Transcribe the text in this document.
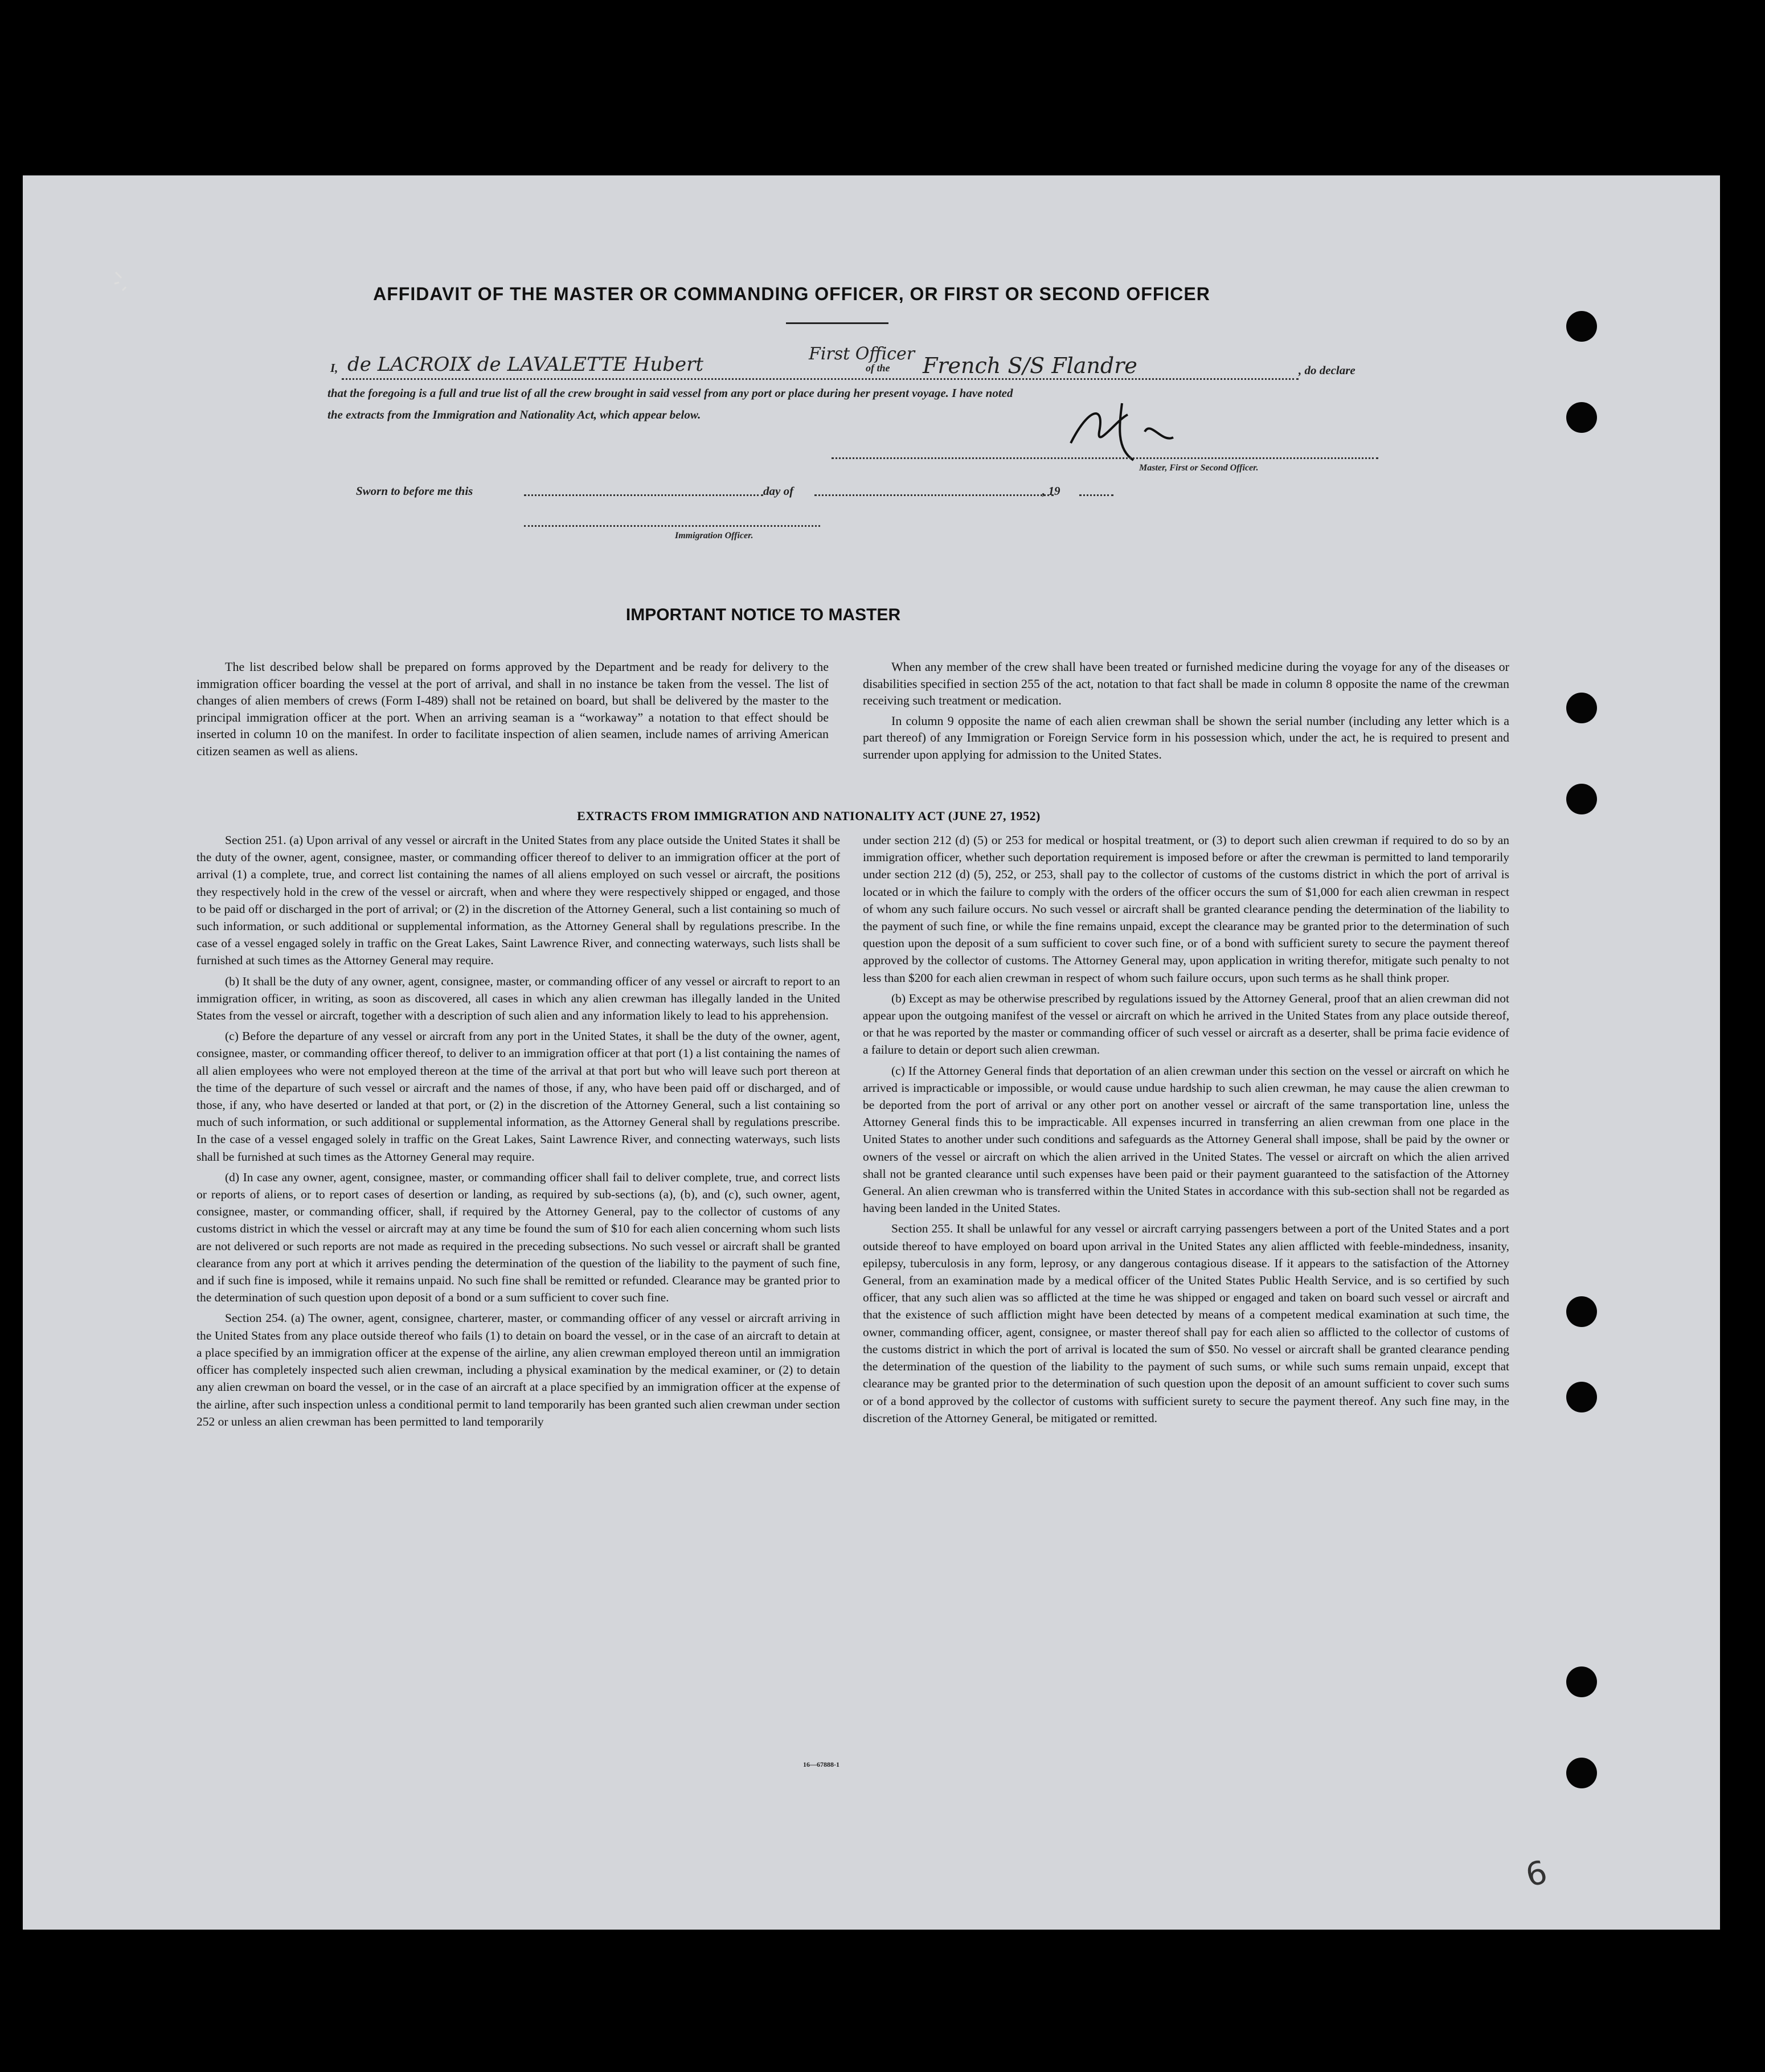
AFFIDAVIT OF THE MASTER OR COMMANDING OFFICER, OR FIRST OR SECOND OFFICER
I, de LACROIX de LAVALETTE Hubert	First Officer
of the French S/S Flandre	, do declare
that the foregoing is a full and true list of all the crew brought in said vessel from any port or place during her present voyage. I have noted
the extracts from the Immigration and Nationality Act, which appear below.
Master, First or Second Officer.
Sworn to before me this	day of	, 19
Immigration Officer.
IMPORTANT NOTICE TO MASTER

The list described below shall be prepared on forms approved by the Department and be ready for delivery to the immigration officer boarding the vessel at the port of arrival, and shall in no instance be taken from the vessel. The list of changes of alien members of crews (Form I-489) shall not be retained on board, but shall be delivered by the master to the principal immigration officer at the port. When an arriving seaman is a “workaway” a notation to that effect should be inserted in column 10 on the manifest. In order to facilitate inspection of alien seamen, include names of arriving American citizen seamen as well as aliens.

When any member of the crew shall have been treated or furnished medicine during the voyage for any of the diseases or disabilities specified in section 255 of the act, notation to that fact shall be made in column 8 opposite the name of the crewman receiving such treatment or medication.

In column 9 opposite the name of each alien crewman shall be shown the serial number (including any letter which is a part thereof) of any Immigration or Foreign Service form in his possession which, under the act, he is required to present and surrender upon applying for admission to the United States.

EXTRACTS FROM IMMIGRATION AND NATIONALITY ACT (JUNE 27, 1952)

Section 251. (a) Upon arrival of any vessel or aircraft in the United States from any place outside the United States it shall be the duty of the owner, agent, consignee, master, or commanding officer thereof to deliver to an immigration officer at the port of arrival (1) a complete, true, and correct list containing the names of all aliens employed on such vessel or aircraft, the positions they respectively hold in the crew of the vessel or aircraft, when and where they were respectively shipped or engaged, and those to be paid off or discharged in the port of arrival; or (2) in the discretion of the Attorney General, such a list containing so much of such information, or such additional or supplemental information, as the Attorney General shall by regulations prescribe. In the case of a vessel engaged solely in traffic on the Great Lakes, Saint Lawrence River, and connecting waterways, such lists shall be furnished at such times as the Attorney General may require.

(b) It shall be the duty of any owner, agent, consignee, master, or commanding officer of any vessel or aircraft to report to an immigration officer, in writing, as soon as discovered, all cases in which any alien crewman has illegally landed in the United States from the vessel or aircraft, together with a description of such alien and any information likely to lead to his apprehension.

(c) Before the departure of any vessel or aircraft from any port in the United States, it shall be the duty of the owner, agent, consignee, master, or commanding officer thereof, to deliver to an immigration officer at that port (1) a list containing the names of all alien employees who were not employed thereon at the time of the arrival at that port but who will leave such port thereon at the time of the departure of such vessel or aircraft and the names of those, if any, who have been paid off or discharged, and of those, if any, who have deserted or landed at that port, or (2) in the discretion of the Attorney General, such a list containing so much of such information, or such additional or supplemental information, as the Attorney General shall by regulations prescribe. In the case of a vessel engaged solely in traffic on the Great Lakes, Saint Lawrence River, and connecting waterways, such lists shall be furnished at such times as the Attorney General may require.

(d) In case any owner, agent, consignee, master, or commanding officer shall fail to deliver complete, true, and correct lists or reports of aliens, or to report cases of desertion or landing, as required by sub-sections (a), (b), and (c), such owner, agent, consignee, master, or commanding officer, shall, if required by the Attorney General, pay to the collector of customs of any customs district in which the vessel or aircraft may at any time be found the sum of $10 for each alien concerning whom such lists are not delivered or such reports are not made as required in the preceding subsections. No such vessel or aircraft shall be granted clearance from any port at which it arrives pending the determination of the question of the liability to the payment of such fine, and if such fine is imposed, while it remains unpaid. No such fine shall be remitted or refunded. Clearance may be granted prior to the determination of such question upon deposit of a bond or a sum sufficient to cover such fine.

Section 254. (a) The owner, agent, consignee, charterer, master, or commanding officer of any vessel or aircraft arriving in the United States from any place outside thereof who fails (1) to detain on board the vessel, or in the case of an aircraft to detain at a place specified by an immigration officer at the expense of the airline, any alien crewman employed thereon until an immigration officer has completely inspected such alien crewman, including a physical examination by the medical examiner, or (2) to detain any alien crewman on board the vessel, or in the case of an aircraft at a place specified by an immigration officer at the expense of the airline, after such inspection unless a conditional permit to land temporarily has been granted such alien crewman under section 252 or unless an alien crewman has been permitted to land temporarily

under section 212 (d) (5) or 253 for medical or hospital treatment, or (3) to deport such alien crewman if required to do so by an immigration officer, whether such deportation requirement is imposed before or after the crewman is permitted to land temporarily under section 212 (d) (5), 252, or 253, shall pay to the collector of customs of the customs district in which the port of arrival is located or in which the failure to comply with the orders of the officer occurs the sum of $1,000 for each alien crewman in respect of whom any such failure occurs. No such vessel or aircraft shall be granted clearance pending the determination of the liability to the payment of such fine, or while the fine remains unpaid, except the clearance may be granted prior to the determination of such question upon the deposit of a sum sufficient to cover such fine, or of a bond with sufficient surety to secure the payment thereof approved by the collector of customs. The Attorney General may, upon application in writing therefor, mitigate such penalty to not less than $200 for each alien crewman in respect of whom such failure occurs, upon such terms as he shall think proper.

(b) Except as may be otherwise prescribed by regulations issued by the Attorney General, proof that an alien crewman did not appear upon the outgoing manifest of the vessel or aircraft on which he arrived in the United States from any place outside thereof, or that he was reported by the master or commanding officer of such vessel or aircraft as a deserter, shall be prima facie evidence of a failure to detain or deport such alien crewman.

(c) If the Attorney General finds that deportation of an alien crewman under this section on the vessel or aircraft on which he arrived is impracticable or impossible, or would cause undue hardship to such alien crewman, he may cause the alien crewman to be deported from the port of arrival or any other port on another vessel or aircraft of the same transportation line, unless the Attorney General finds this to be impracticable. All expenses incurred in transferring an alien crewman from one place in the United States to another under such conditions and safeguards as the Attorney General shall impose, shall be paid by the owner or owners of the vessel or aircraft on which the alien arrived in the United States. The vessel or aircraft on which the alien arrived shall not be granted clearance until such expenses have been paid or their payment guaranteed to the satisfaction of the Attorney General. An alien crewman who is transferred within the United States in accordance with this sub-section shall not be regarded as having been landed in the United States.

Section 255. It shall be unlawful for any vessel or aircraft carrying passengers between a port of the United States and a port outside thereof to have employed on board upon arrival in the United States any alien afflicted with feeble-mindedness, insanity, epilepsy, tuberculosis in any form, leprosy, or any dangerous contagious disease. If it appears to the satisfaction of the Attorney General, from an examination made by a medical officer of the United States Public Health Service, and is so certified by such officer, that any such alien was so afflicted at the time he was shipped or engaged and taken on board such vessel or aircraft and that the existence of such affliction might have been detected by means of a competent medical examination at such time, the owner, commanding officer, agent, consignee, or master thereof shall pay for each alien so afflicted to the collector of customs of the customs district in which the port of arrival is located the sum of $50. No vessel or aircraft shall be granted clearance pending the determination of the question of the liability to the payment of such sums, or while such sums remain unpaid, except that clearance may be granted prior to the determination of such question upon the deposit of an amount sufficient to cover such sums or of a bond approved by the collector of customs with sufficient surety to secure the payment thereof. Any such fine may, in the discretion of the Attorney General, be mitigated or remitted.

16—67888-1
6
